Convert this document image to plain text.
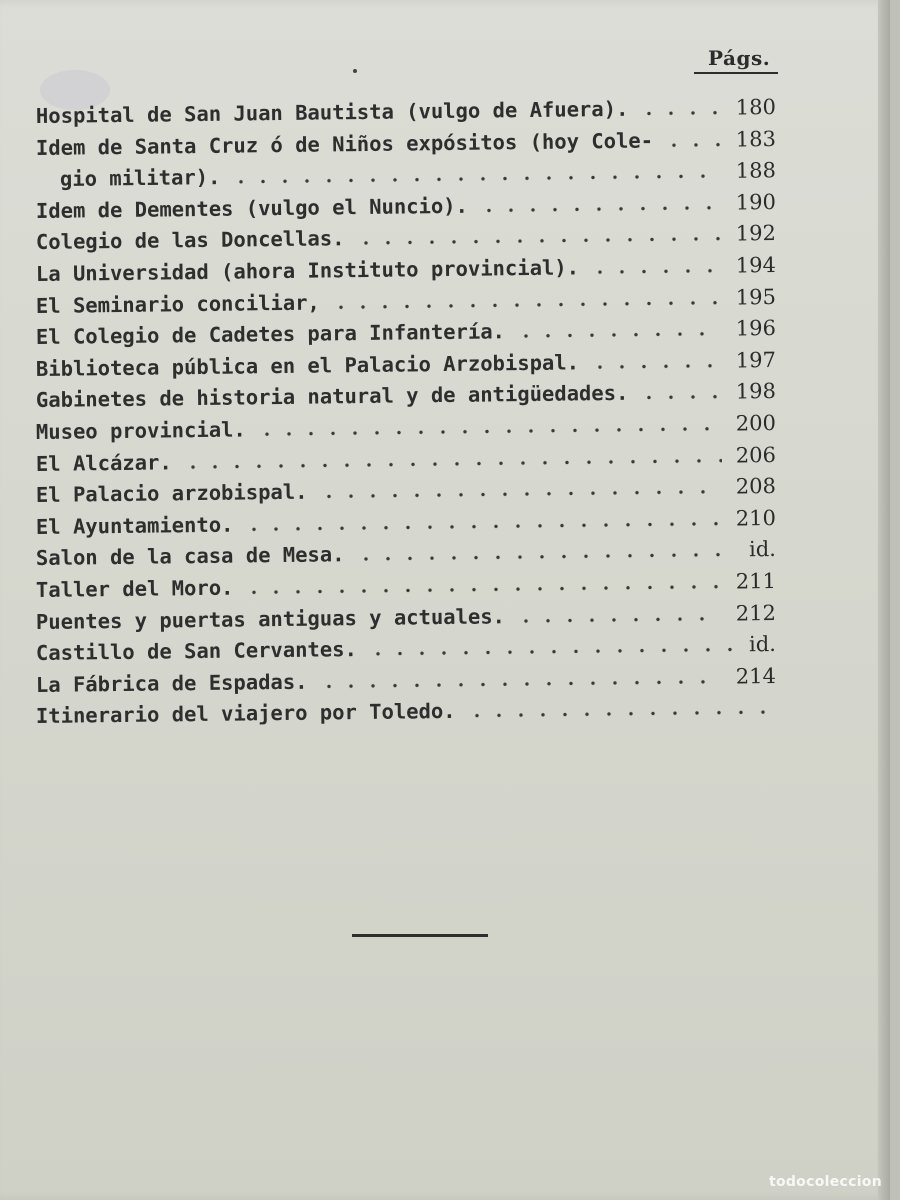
Págs.
Hospital de San Juan Bautista (vulgo de Afuera).	180
Idem de Santa Cruz ó de Niños expósitos (hoy Cole-	183
gio militar).	188
Idem de Dementes (vulgo el Nuncio).	190
Colegio de las Doncellas.	192
La Universidad (ahora Instituto provincial).	194
El Seminario conciliar,	195
El Colegio de Cadetes para Infantería.	196
Biblioteca pública en el Palacio Arzobispal.	197
Gabinetes de historia natural y de antigüedades.	198
Museo provincial.	200
El Alcázar.	206
El Palacio arzobispal.	208
El Ayuntamiento.	210
Salon de la casa de Mesa.	id.
Taller del Moro.	211
Puentes y puertas antiguas y actuales.	212
Castillo de San Cervantes.	id.
La Fábrica de Espadas.	214
Itinerario del viajero por Toledo.
todocoleccion
